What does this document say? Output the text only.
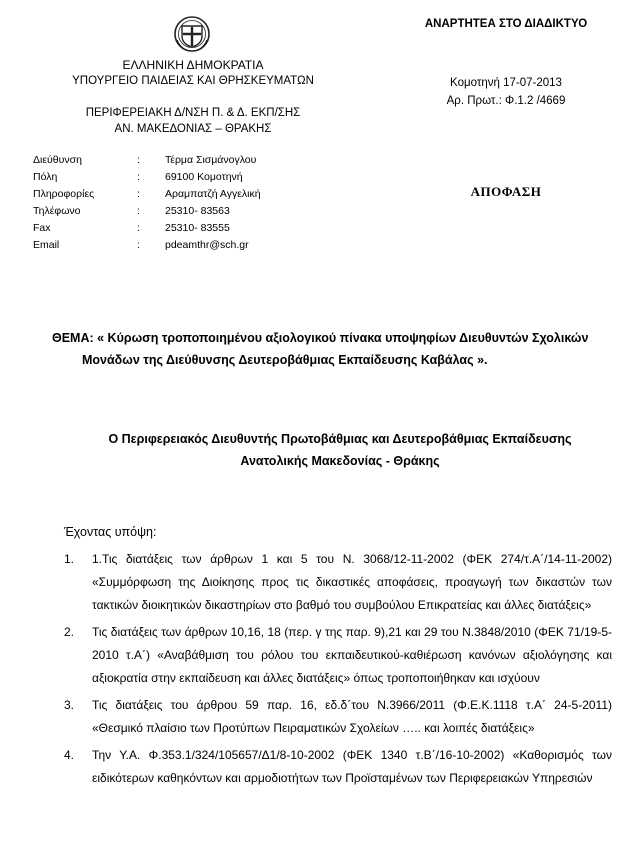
ΕΛΛΗΝΙΚΗ ΔΗΜΟΚΡΑΤΙΑ
ΥΠΟΥΡΓΕΙΟ ΠΑΙΔΕΙΑΣ ΚΑΙ ΘΡΗΣΚΕΥΜΑΤΩΝ
ΠΕΡΙΦΕΡΕΙΑΚΗ Δ/ΝΣΗ Π. & Δ. ΕΚΠ/ΣΗΣ
ΑΝ. ΜΑΚΕΔΟΝΙΑΣ – ΘΡΑΚΗΣ
ΑΝΑΡΤΗΤΕΑ ΣΤΟ ΔΙΑΔΙΚΤΥΟ
Κομοτηνή 17-07-2013
Αρ. Πρωτ.: Φ.1.2 /4669
ΑΠΟΦΑΣΗ
Διεύθυνση	:	Τέρμα Σισμάνογλου
Πόλη	:	69100 Κομοτηνή
Πληροφορίες	:	Αραμπατζή Αγγελική
Τηλέφωνο	:	25310- 83563
Fax	:	25310- 83555
Email	:	pdeamthr@sch.gr
ΘΕΜΑ: « Κύρωση τροποποιημένου αξιολογικού πίνακα υποψηφίων Διευθυντών Σχολικών
Μονάδων της Διεύθυνσης Δευτεροβάθμιας Εκπαίδευσης Καβάλας ».
Ο Περιφερειακός Διευθυντής Πρωτοβάθμιας και Δευτεροβάθμιας Εκπαίδευσης
Ανατολικής Μακεδονίας - Θράκης
Έχοντας υπόψη:
1.	1.Τις διατάξεις των άρθρων 1 και 5 του Ν. 3068/12-11-2002 (ΦΕΚ 274/τ.Α΄/14-11-2002) «Συμμόρφωση της Διοίκησης προς τις δικαστικές αποφάσεις, προαγωγή των δικαστών των τακτικών διοικητικών δικαστηρίων στο βαθμό του συμβούλου Επικρατείας και άλλες διατάξεις»
2.	Τις διατάξεις των άρθρων 10,16, 18 (περ. γ της παρ. 9),21 και 29 του Ν.3848/2010 (ΦΕΚ 71/19-5-2010 τ.Α΄) «Αναβάθμιση του ρόλου του εκπαιδευτικού-καθιέρωση κανόνων αξιολόγησης και αξιοκρατία στην εκπαίδευση και άλλες διατάξεις» όπως τροποποιήθηκαν και ισχύουν
3.	Τις διατάξεις του άρθρου 59 παρ. 16, εδ.δ΄του Ν.3966/2011 (Φ.Ε.Κ.1118 τ.Α΄ 24-5-2011) «Θεσμικό πλαίσιο των Προτύπων Πειραματικών Σχολείων ….. και λοιπές διατάξεις»
4.	Την Υ.Α. Φ.353.1/324/105657/Δ1/8-10-2002 (ΦΕΚ 1340 τ.Β΄/16-10-2002) «Καθορισμός των ειδικότερων καθηκόντων και αρμοδιοτήτων των Προϊσταμένων των Περιφερειακών Υπηρεσιών
